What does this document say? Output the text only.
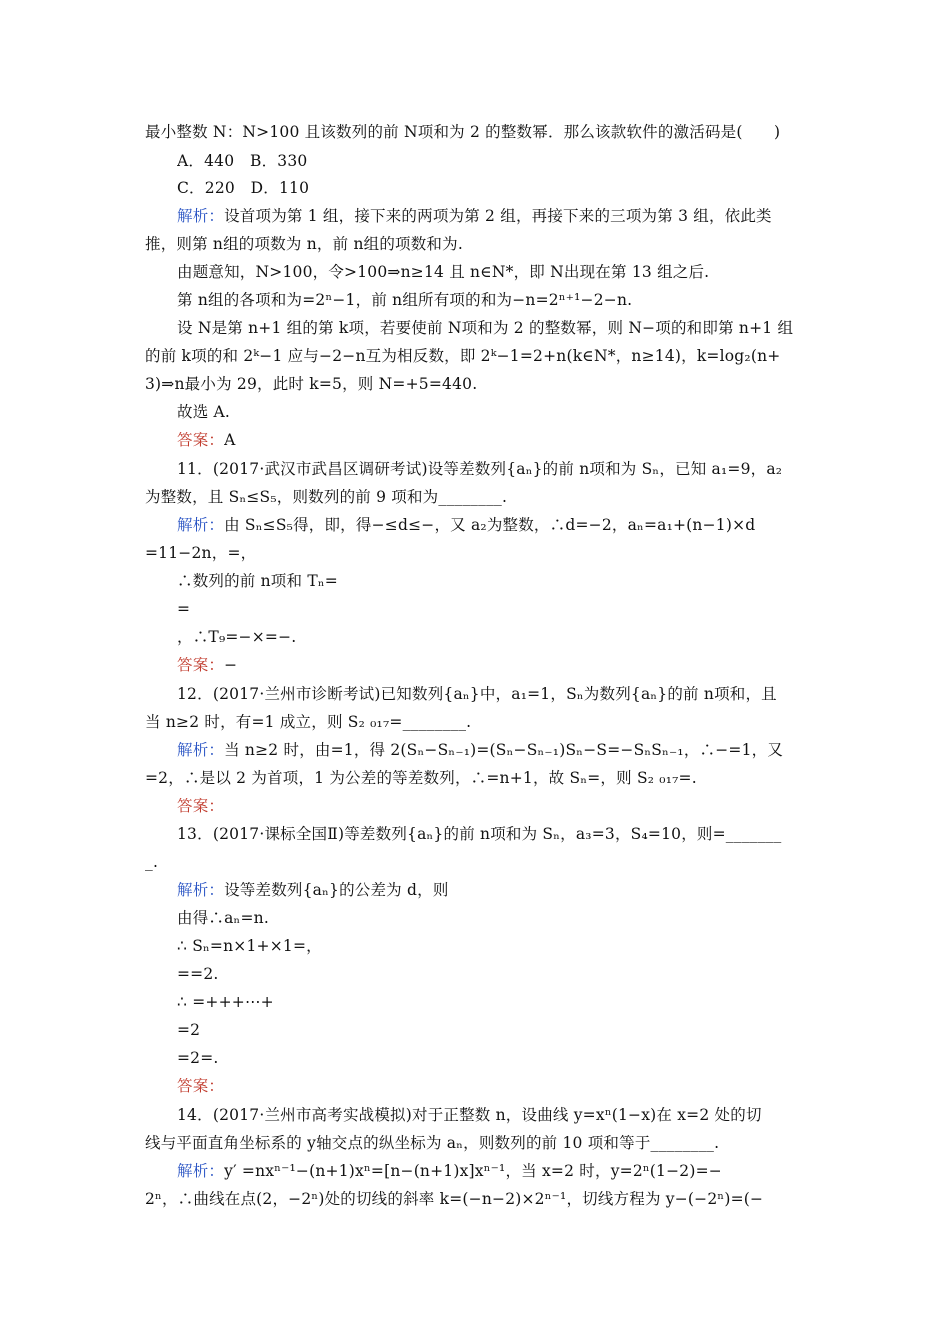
最小整数 N：N>100 且该数列的前 N项和为 2 的整数幂．那么该款软件的激活码是(　　)
A．440　B．330
C．220　D．110
解析：设首项为第 1 组，接下来的两项为第 2 组，再接下来的三项为第 3 组，依此类
推，则第 n组的项数为 n，前 n组的项数和为.
由题意知，N>100，令>100⇒n≥14 且 n∈N*，即 N出现在第 13 组之后.
第 n组的各项和为=2ⁿ−1，前 n组所有项的和为−n=2ⁿ⁺¹−2−n.
设 N是第 n+1 组的第 k项，若要使前 N项和为 2 的整数幂，则 N−项的和即第 n+1 组
的前 k项的和 2ᵏ−1 应与−2−n互为相反数，即 2ᵏ−1=2+n(k∈N*，n≥14)，k=log₂(n+
3)⇒n最小为 29，此时 k=5，则 N=+5=440.
故选 A.
答案：A
11．(2017·武汉市武昌区调研考试)设等差数列{aₙ}的前 n项和为 Sₙ，已知 a₁=9，a₂
为整数，且 Sₙ≤S₅，则数列的前 9 项和为________.
解析：由 Sₙ≤S₅得，即，得−≤d≤−，又 a₂为整数，∴d=−2，aₙ=a₁+(n−1)×d
=11−2n，=，
∴数列的前 n项和 Tₙ=
=
，∴T₉=−×=−.
答案：−
12．(2017·兰州市诊断考试)已知数列{aₙ}中，a₁=1，Sₙ为数列{aₙ}的前 n项和，且
当 n≥2 时，有=1 成立，则 S₂ ₀₁₇=________.
解析：当 n≥2 时，由=1，得 2(Sₙ−Sₙ₋₁)=(Sₙ−Sₙ₋₁)Sₙ−S=−SₙSₙ₋₁，∴−=1，又
=2，∴是以 2 为首项，1 为公差的等差数列，∴=n+1，故 Sₙ=，则 S₂ ₀₁₇=.
答案：
13．(2017·课标全国Ⅱ)等差数列{aₙ}的前 n项和为 Sₙ，a₃=3，S₄=10，则=_______
_.
解析：设等差数列{aₙ}的公差为 d，则
由得∴aₙ=n.
∴ Sₙ=n×1+×1=，
==2.
∴ =+++⋯+
=2
=2=.
答案：
14．(2017·兰州市高考实战模拟)对于正整数 n，设曲线 y=xⁿ(1−x)在 x=2 处的切
线与平面直角坐标系的 y轴交点的纵坐标为 aₙ，则数列的前 10 项和等于________.
解析：y′ =nxⁿ⁻¹−(n+1)xⁿ=[n−(n+1)x]xⁿ⁻¹，当 x=2 时，y=2ⁿ(1−2)=−
2ⁿ，∴曲线在点(2，−2ⁿ)处的切线的斜率 k=(−n−2)×2ⁿ⁻¹，切线方程为 y−(−2ⁿ)=(−
